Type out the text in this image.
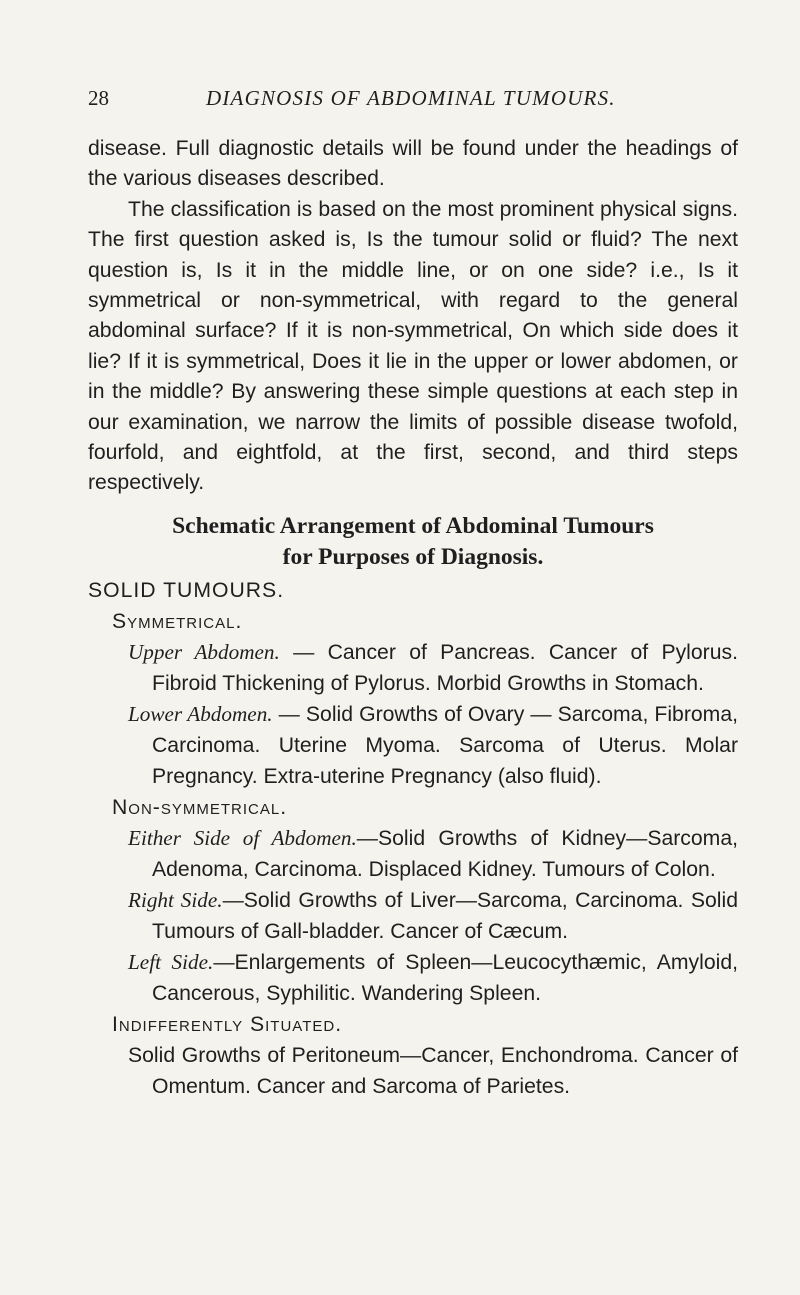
28	DIAGNOSIS OF ABDOMINAL TUMOURS.

disease. Full diagnostic details will be found under the headings of the various diseases described.

The classification is based on the most prominent physical signs. The first question asked is, Is the tumour solid or fluid? The next question is, Is it in the middle line, or on one side? i.e., Is it symmetrical or non-symmetrical, with regard to the general abdominal surface? If it is non-symmetrical, On which side does it lie? If it is symmetrical, Does it lie in the upper or lower abdomen, or in the middle? By answering these simple questions at each step in our examination, we narrow the limits of possible disease twofold, fourfold, and eightfold, at the first, second, and third steps respectively.

Schematic Arrangement of Abdominal Tumours
for Purposes of Diagnosis.
SOLID TUMOURS.
Symmetrical.

Upper Abdomen. — Cancer of Pancreas. Cancer of Pylorus. Fibroid Thickening of Pylorus. Morbid Growths in Stomach.

Lower Abdomen. — Solid Growths of Ovary — Sarcoma, Fibroma, Carcinoma. Uterine Myoma. Sarcoma of Uterus. Molar Pregnancy. Extra-uterine Pregnancy (also fluid).

Non-symmetrical.

Either Side of Abdomen.—Solid Growths of Kidney—Sarcoma, Adenoma, Carcinoma. Displaced Kidney. Tumours of Colon.

Right Side.—Solid Growths of Liver—Sarcoma, Carcinoma. Solid Tumours of Gall-bladder. Cancer of Cæcum.

Left Side.—Enlargements of Spleen—Leucocythæmic, Amyloid, Cancerous, Syphilitic. Wandering Spleen.

Indifferently Situated.

Solid Growths of Peritoneum—Cancer, Enchondroma. Cancer of Omentum. Cancer and Sarcoma of Parietes.
